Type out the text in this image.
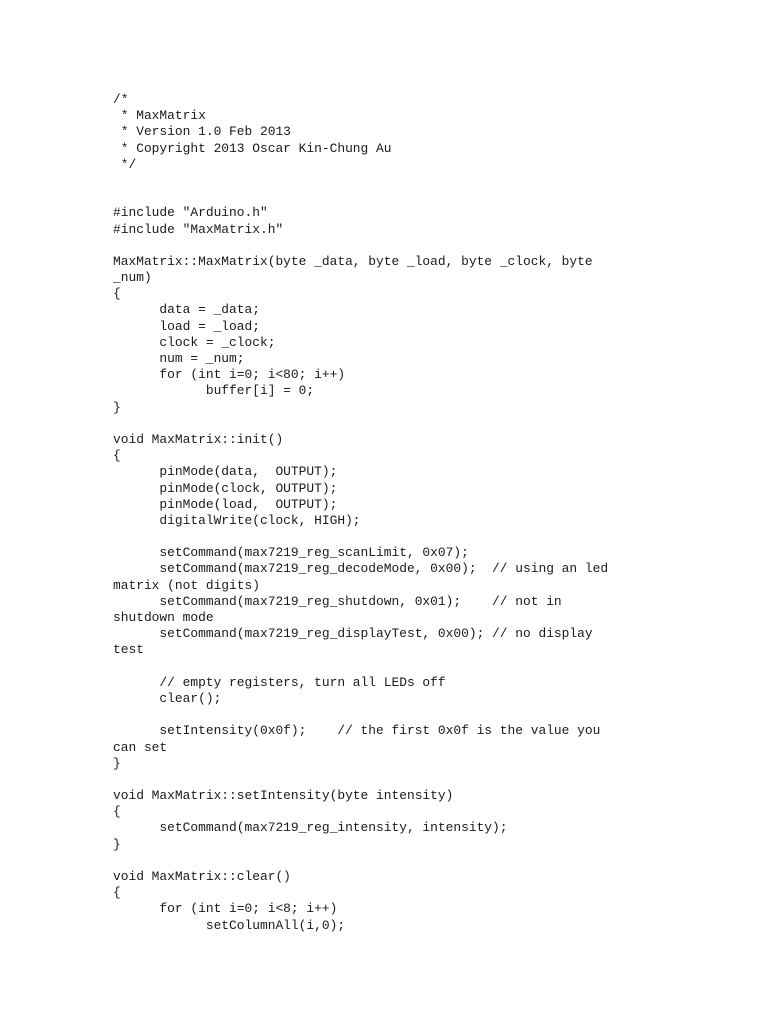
/*
* MaxMatrix
* Version 1.0 Feb 2013
* Copyright 2013 Oscar Kin-Chung Au
*/
#include "Arduino.h"
#include "MaxMatrix.h"
MaxMatrix::MaxMatrix(byte _data, byte _load, byte _clock, byte
_num)
{
data = _data;
load = _load;
clock = _clock;
num = _num;
for (int i=0; i<80; i++)
buffer[i] = 0;
}
void MaxMatrix::init()
{
pinMode(data,  OUTPUT);
pinMode(clock, OUTPUT);
pinMode(load,  OUTPUT);
digitalWrite(clock, HIGH);
setCommand(max7219_reg_scanLimit, 0x07);
setCommand(max7219_reg_decodeMode, 0x00);  // using an led
matrix (not digits)
setCommand(max7219_reg_shutdown, 0x01);    // not in
shutdown mode
setCommand(max7219_reg_displayTest, 0x00); // no display
test
// empty registers, turn all LEDs off
clear();
setIntensity(0x0f);    // the first 0x0f is the value you
can set
}
void MaxMatrix::setIntensity(byte intensity)
{
setCommand(max7219_reg_intensity, intensity);
}
void MaxMatrix::clear()
{
for (int i=0; i<8; i++)
setColumnAll(i,0);
